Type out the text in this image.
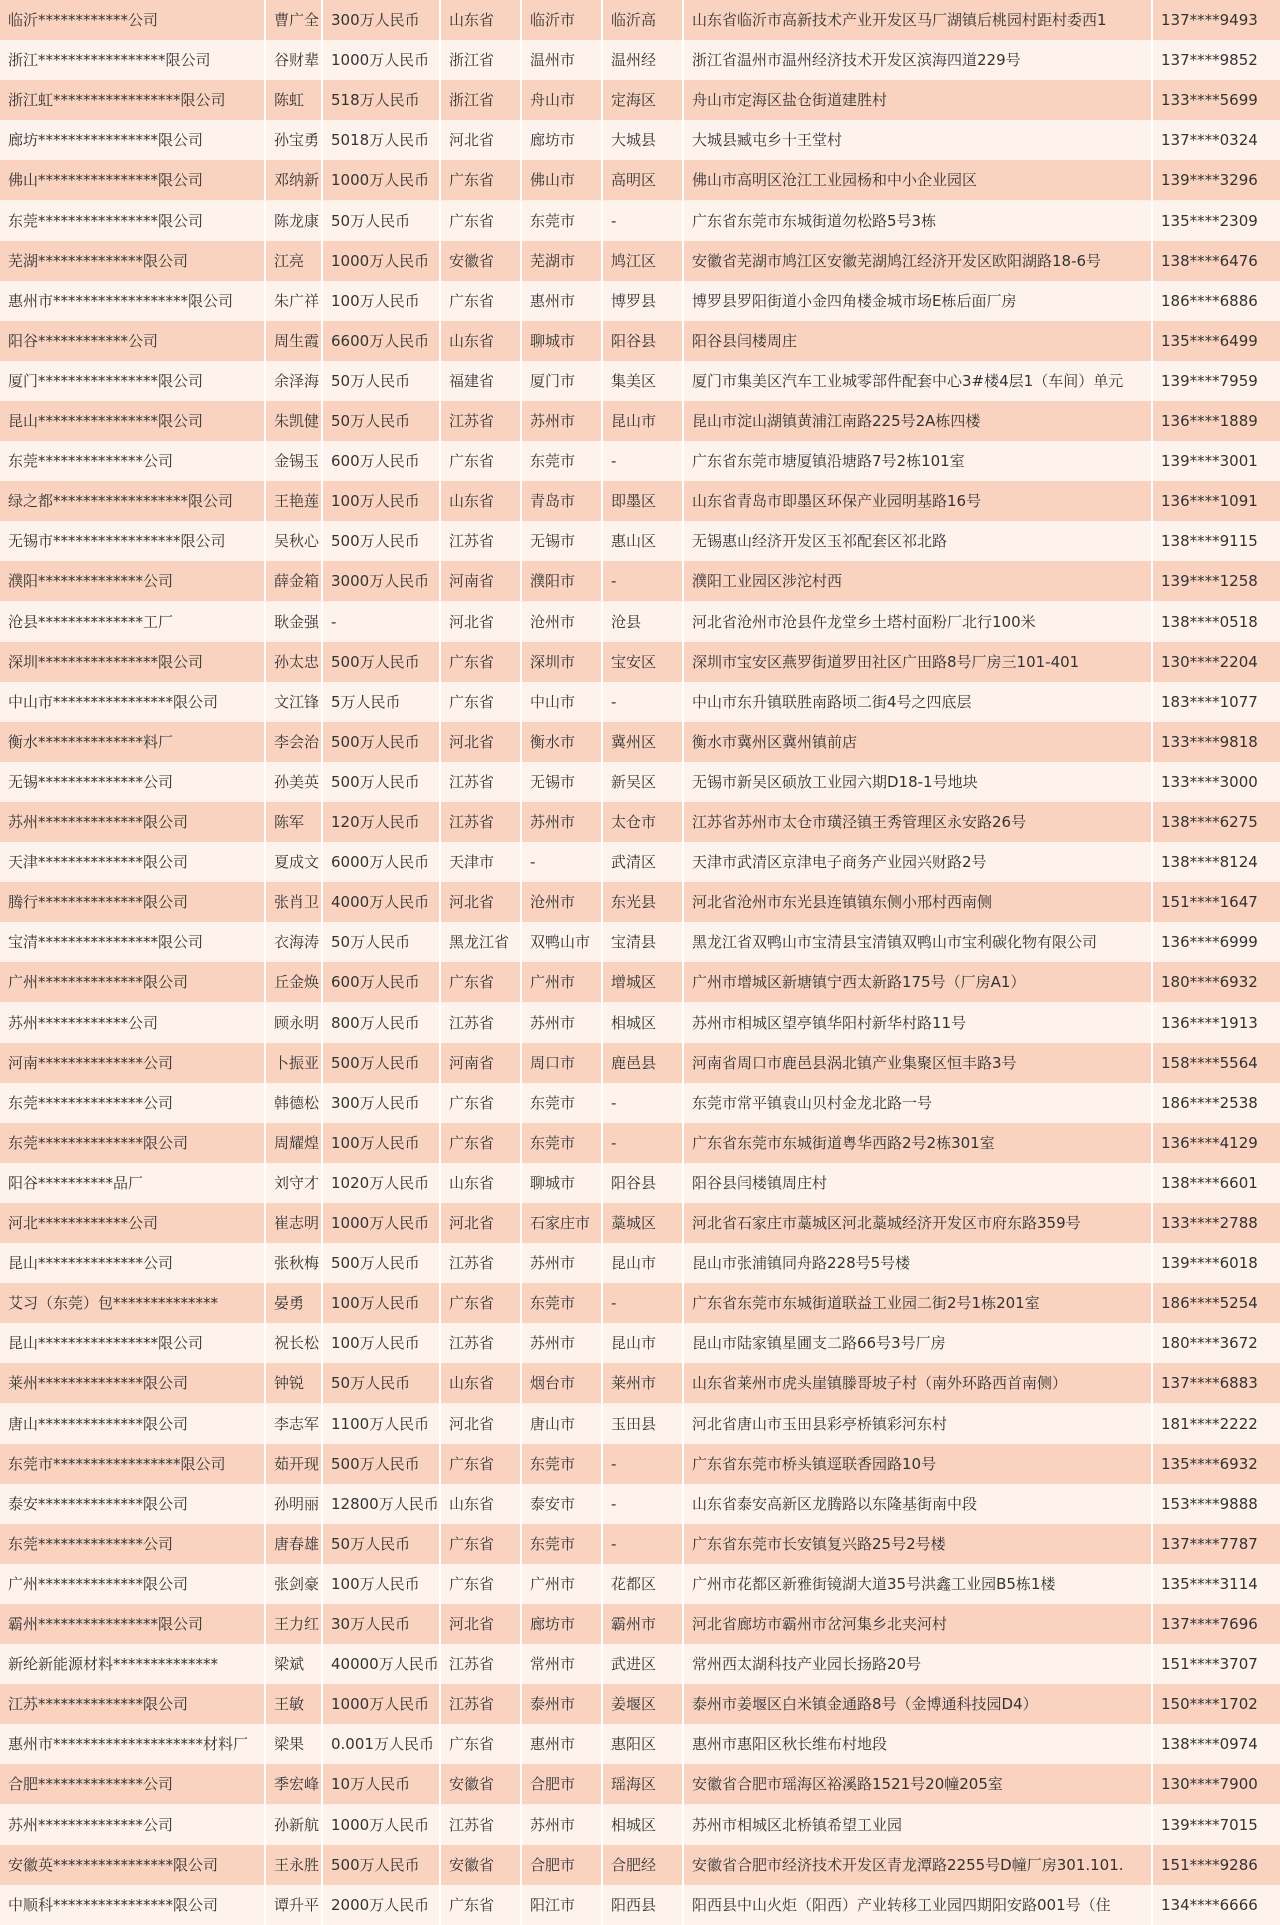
临沂************公司	曹广全 300万人民币	山东省	临沂市	临沂高	山东省临沂市高新技术产业开发区马厂湖镇后桃园村距村委西1	137****9493
浙江*****************限公司	谷财辈 1000万人民币	浙江省	温州市	温州经	浙江省温州市温州经济技术开发区滨海四道229号	137****9852
浙江虹*****************限公司	陈虹	518万人民币	浙江省	舟山市	定海区	舟山市定海区盐仓街道建胜村	133****5699
廊坊****************限公司	孙宝勇 5018万人民币	河北省	廊坊市	大城县	大城县臧屯乡十王堂村	137****0324
佛山****************限公司	邓纳新 1000万人民币	广东省	佛山市	高明区	佛山市高明区沧江工业园杨和中小企业园区	139****3296
东莞****************限公司	陈龙康 50万人民币	广东省	东莞市	-	广东省东莞市东城街道勿松路5号3栋	135****2309
芜湖**************限公司	江亮	1000万人民币	安徽省	芜湖市	鸠江区	安徽省芜湖市鸠江区安徽芜湖鸠江经济开发区欧阳湖路18-6号	138****6476
惠州市******************限公司	朱广祥 100万人民币	广东省	惠州市	博罗县	博罗县罗阳街道小金四角楼金城市场E栋后面厂房	186****6886
阳谷************公司	周生霞 6600万人民币	山东省	聊城市	阳谷县	阳谷县闫楼周庄	135****6499
厦门****************限公司	余泽海 50万人民币	福建省	厦门市	集美区	厦门市集美区汽车工业城零部件配套中心3#楼4层1（车间）单元	139****7959
昆山****************限公司	朱凯健 50万人民币	江苏省	苏州市	昆山市	昆山市淀山湖镇黄浦江南路225号2A栋四楼	136****1889
东莞**************公司	金锡玉 600万人民币	广东省	东莞市	-	广东省东莞市塘厦镇沿塘路7号2栋101室	139****3001
绿之都******************限公司	王艳莲 100万人民币	山东省	青岛市	即墨区	山东省青岛市即墨区环保产业园明基路16号	136****1091
无锡市*****************限公司	吴秋心 500万人民币	江苏省	无锡市	惠山区	无锡惠山经济开发区玉祁配套区祁北路	138****9115
濮阳**************公司	薛金箱 3000万人民币	河南省	濮阳市	-	濮阳工业园区涉沱村西	139****1258
沧县**************工厂	耿金强 -	河北省	沧州市	沧县	河北省沧州市沧县仵龙堂乡土塔村面粉厂北行100米	138****0518
深圳****************限公司	孙太忠 500万人民币	广东省	深圳市	宝安区	深圳市宝安区燕罗街道罗田社区广田路8号厂房三101-401	130****2204
中山市****************限公司	文江锋 5万人民币	广东省	中山市	-	中山市东升镇联胜南路顷二街4号之四底层	183****1077
衡水**************料厂	李会治 500万人民币	河北省	衡水市	冀州区	衡水市冀州区冀州镇前店	133****9818
无锡**************公司	孙美英 500万人民币	江苏省	无锡市	新吴区	无锡市新吴区硕放工业园六期D18-1号地块	133****3000
苏州**************限公司	陈军	120万人民币	江苏省	苏州市	太仓市	江苏省苏州市太仓市璜泾镇王秀管理区永安路26号	138****6275
天津**************限公司	夏成文 6000万人民币	天津市	-	武清区	天津市武清区京津电子商务产业园兴财路2号	138****8124
腾行**************限公司	张肖卫 4000万人民币	河北省	沧州市	东光县	河北省沧州市东光县连镇镇东侧小邢村西南侧	151****1647
宝清****************限公司	衣海涛 50万人民币	黑龙江省	双鸭山市	宝清县	黑龙江省双鸭山市宝清县宝清镇双鸭山市宝利碳化物有限公司	136****6999
广州**************限公司	丘金焕 600万人民币	广东省	广州市	增城区	广州市增城区新塘镇宁西太新路175号（厂房A1）	180****6932
苏州************公司	顾永明 800万人民币	江苏省	苏州市	相城区	苏州市相城区望亭镇华阳村新华村路11号	136****1913
河南**************公司	卜振亚 500万人民币	河南省	周口市	鹿邑县	河南省周口市鹿邑县涡北镇产业集聚区恒丰路3号	158****5564
东莞**************公司	韩德松 300万人民币	广东省	东莞市	-	东莞市常平镇袁山贝村金龙北路一号	186****2538
东莞**************限公司	周耀煌 100万人民币	广东省	东莞市	-	广东省东莞市东城街道粤华西路2号2栋301室	136****4129
阳谷**********品厂	刘守才 1020万人民币	山东省	聊城市	阳谷县	阳谷县闫楼镇周庄村	138****6601
河北************公司	崔志明 1000万人民币	河北省	石家庄市	藁城区	河北省石家庄市藁城区河北藁城经济开发区市府东路359号	133****2788
昆山**************公司	张秋梅 500万人民币	江苏省	苏州市	昆山市	昆山市张浦镇同舟路228号5号楼	139****6018
艾习（东莞）包**************	晏勇	100万人民币	广东省	东莞市	-	广东省东莞市东城街道联益工业园二街2号1栋201室	186****5254
昆山****************限公司	祝长松 100万人民币	江苏省	苏州市	昆山市	昆山市陆家镇星圃支二路66号3号厂房	180****3672
莱州**************限公司	钟锐	50万人民币	山东省	烟台市	莱州市	山东省莱州市虎头崖镇滕哥坡子村（南外环路西首南侧）	137****6883
唐山**************限公司	李志军 1100万人民币	河北省	唐山市	玉田县	河北省唐山市玉田县彩亭桥镇彩河东村	181****2222
东莞市*****************限公司	茹开现 500万人民币	广东省	东莞市	-	广东省东莞市桥头镇逕联香园路10号	135****6932
泰安**************限公司	孙明丽 12800万人民币 山东省	泰安市	-	山东省泰安高新区龙腾路以东隆基街南中段	153****9888
东莞**************公司	唐春雄 50万人民币	广东省	东莞市	-	广东省东莞市长安镇复兴路25号2号楼	137****7787
广州**************限公司	张剑豪 100万人民币	广东省	广州市	花都区	广州市花都区新雅街镜湖大道35号洪鑫工业园B5栋1楼	135****3114
霸州****************限公司	王力红 30万人民币	河北省	廊坊市	霸州市	河北省廊坊市霸州市岔河集乡北夹河村	137****7696
新纶新能源材料**************	梁斌	40000万人民币 江苏省	常州市	武进区	常州西太湖科技产业园长扬路20号	151****3707
江苏**************限公司	王敏	1000万人民币	江苏省	泰州市	姜堰区	泰州市姜堰区白米镇金通路8号（金博通科技园D4）	150****1702
惠州市********************材料厂	梁果	0.001万人民币	广东省	惠州市	惠阳区	惠州市惠阳区秋长维布村地段	138****0974
合肥**************公司	季宏峰 10万人民币	安徽省	合肥市	瑶海区	安徽省合肥市瑶海区裕溪路1521号20幢205室	130****7900
苏州**************公司	孙新航 1000万人民币	江苏省	苏州市	相城区	苏州市相城区北桥镇希望工业园	139****7015
安徽英****************限公司	王永胜 500万人民币	安徽省	合肥市	合肥经	安徽省合肥市经济技术开发区青龙潭路2255号D幢厂房301.101.	151****9286
中顺科****************限公司	谭升平 2000万人民币	广东省	阳江市	阳西县	阳西县中山火炬（阳西）产业转移工业园四期阳安路001号（住	134****6666
